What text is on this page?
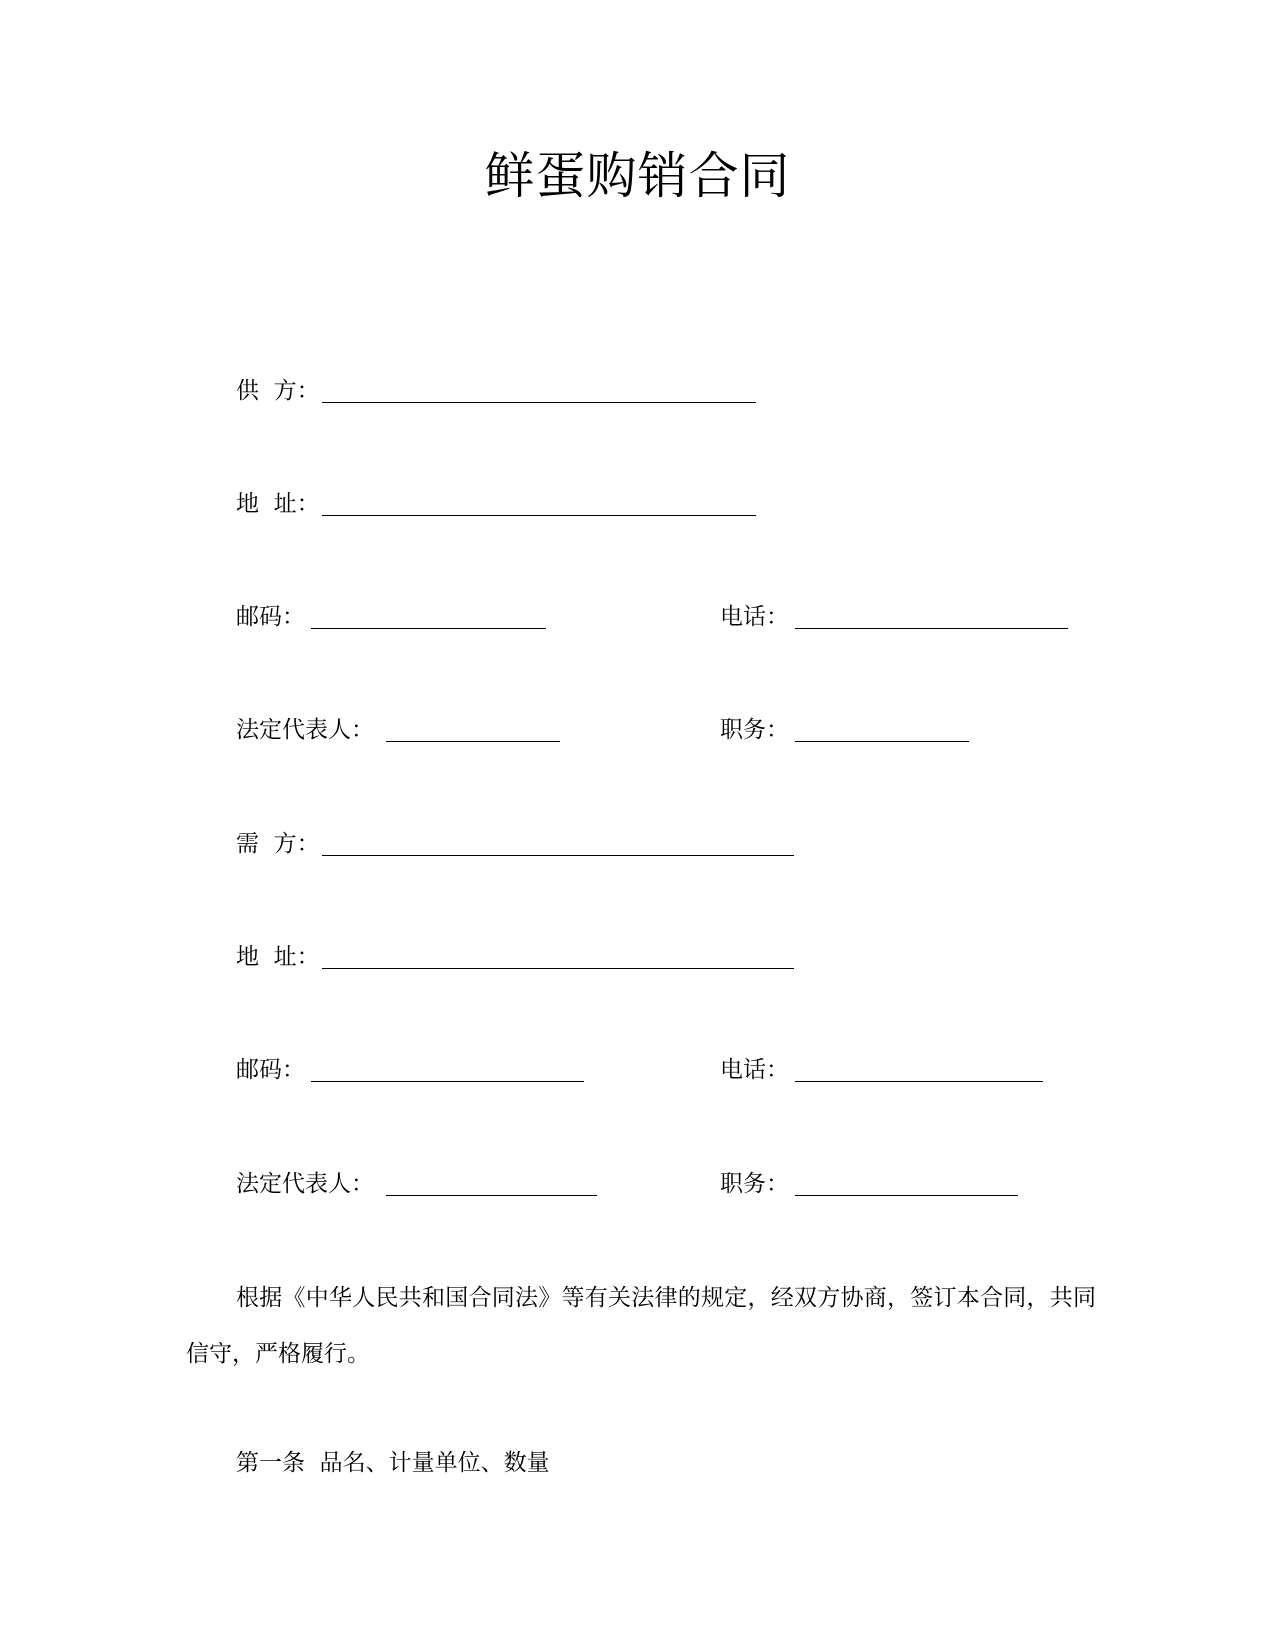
鲜蛋购销合同
供  方：
地  址：
邮码：	电话：
法定代表人：	职务：
需  方：
地  址：
邮码：	电话：
法定代表人：	职务：

根据《中华人民共和国合同法》等有关法律的规定，经双方协商，签订本合同，共同信守，严格履行。

第一条  品名、计量单位、数量
